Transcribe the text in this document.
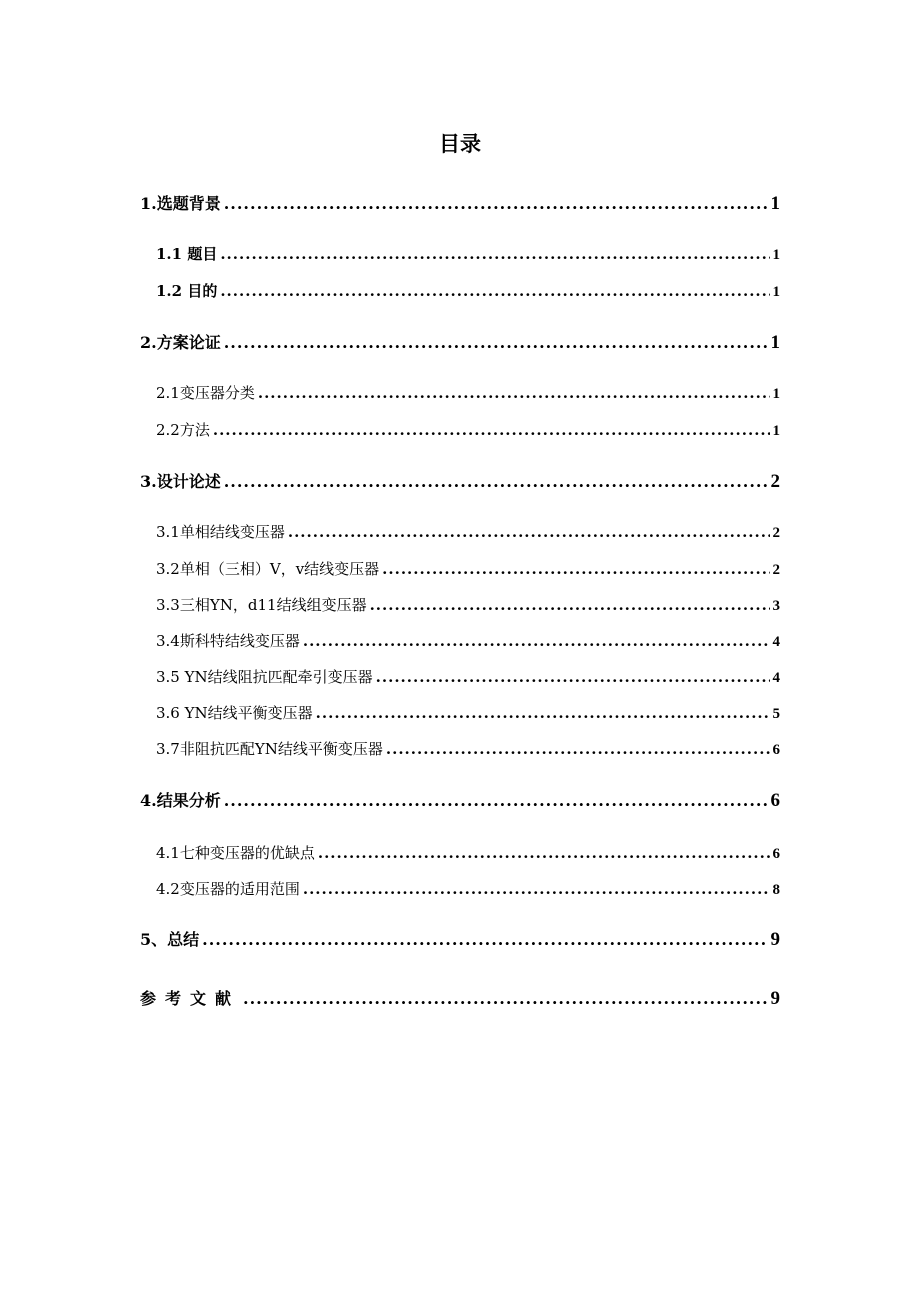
目录
1.选题背景 .....	1
1.1 题目 .....	1
1.2 目的 .....	1
2.方案论证 .....	1
2.1变压器分类 .....	1
2.2方法 .....	1
3.设计论述 .....	2
3.1单相结线变压器 .....	2
3.2单相（三相）V，v结线变压器 .....	2
3.3三相YN，d11结线组变压器 .....	3
3.4斯科特结线变压器 .....	4
3.5 YN结线阻抗匹配牵引变压器 .....	4
3.6 YN结线平衡变压器 .....	5
3.7非阻抗匹配YN结线平衡变压器 .....	6
4.结果分析 .....	6
4.1七种变压器的优缺点 .....	6
4.2变压器的适用范围 .....	8
5、总结 .....	9
参考文献 .....	9
